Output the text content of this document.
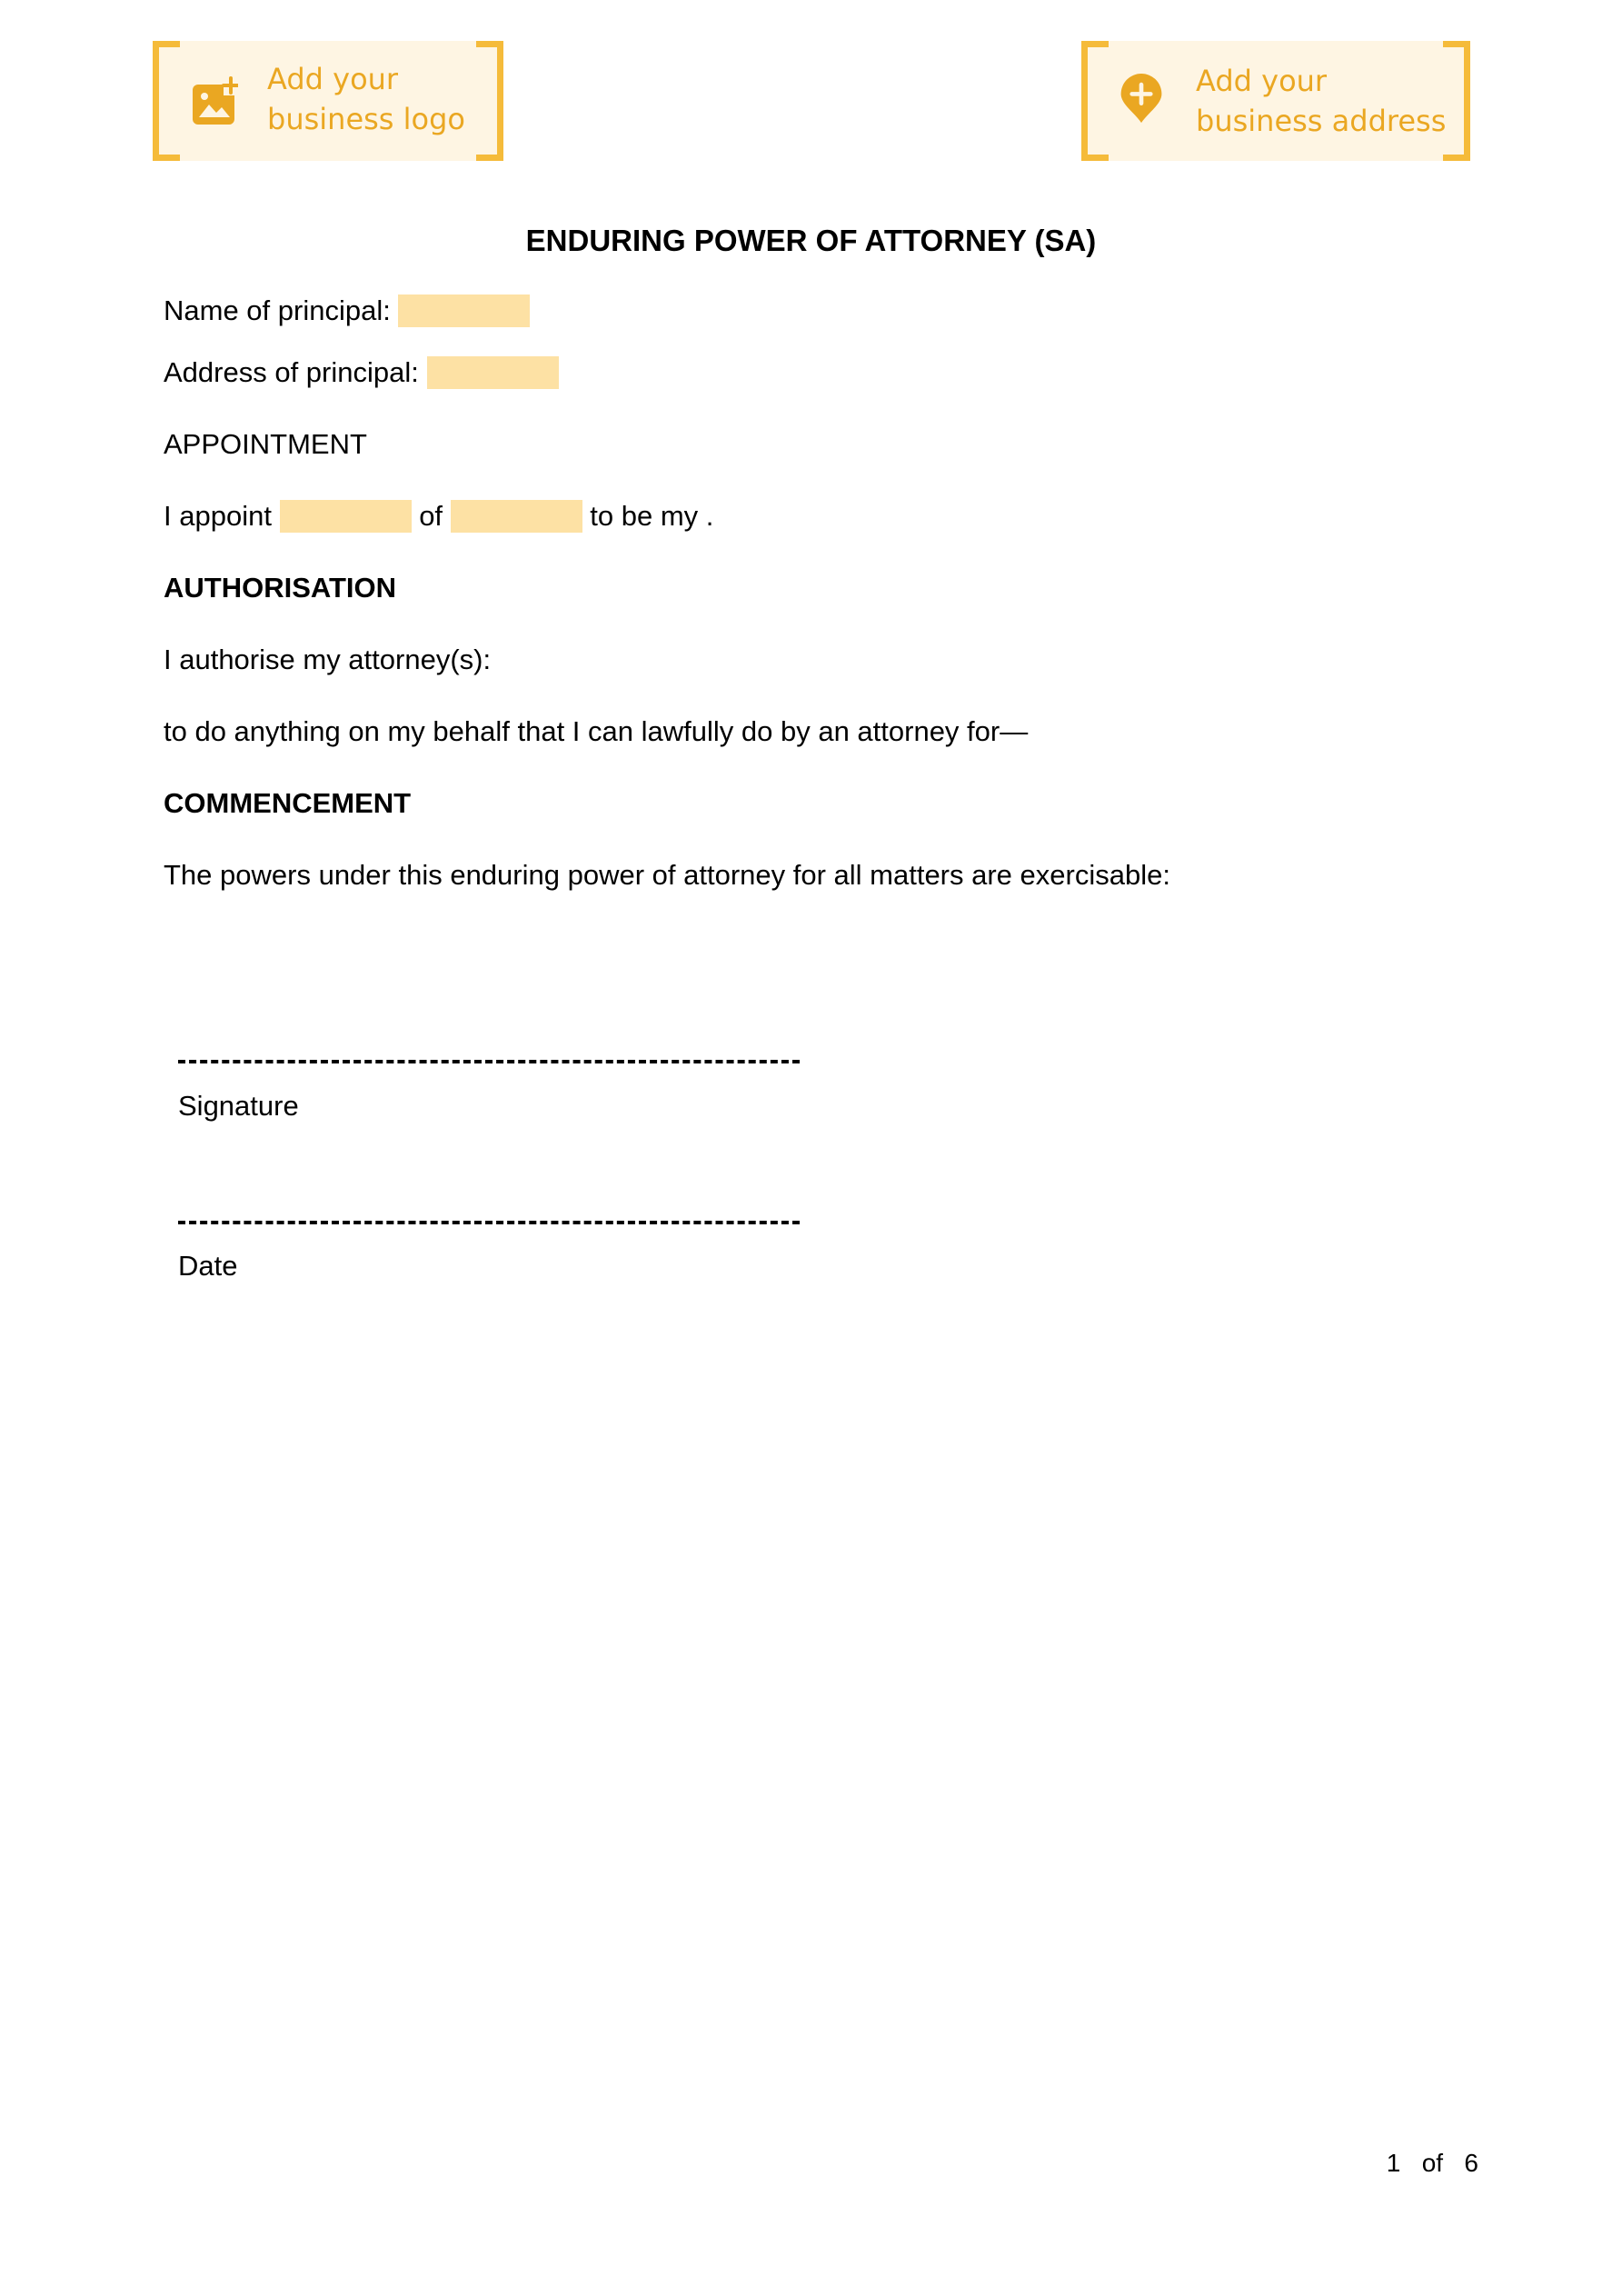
Add your
business logo
Add your
business address
ENDURING POWER OF ATTORNEY (SA)

Name of principal:

Address of principal:

APPOINTMENT

I appoint	of	to be my .

AUTHORISATION

I authorise my attorney(s):

to do anything on my behalf that I can lawfully do by an attorney for—

COMMENCEMENT

The powers under this enduring power of attorney for all matters are exercisable:

Signature

Date

1 of 6
